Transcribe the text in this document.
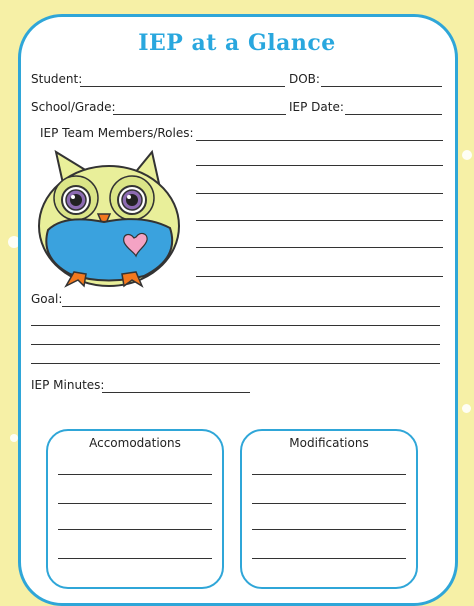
IEP at a Glance
Student:	DOB:
School/Grade:	IEP Date:
IEP Team Members/Roles:
Goal:
IEP Minutes:
Accomodations	Modifications
